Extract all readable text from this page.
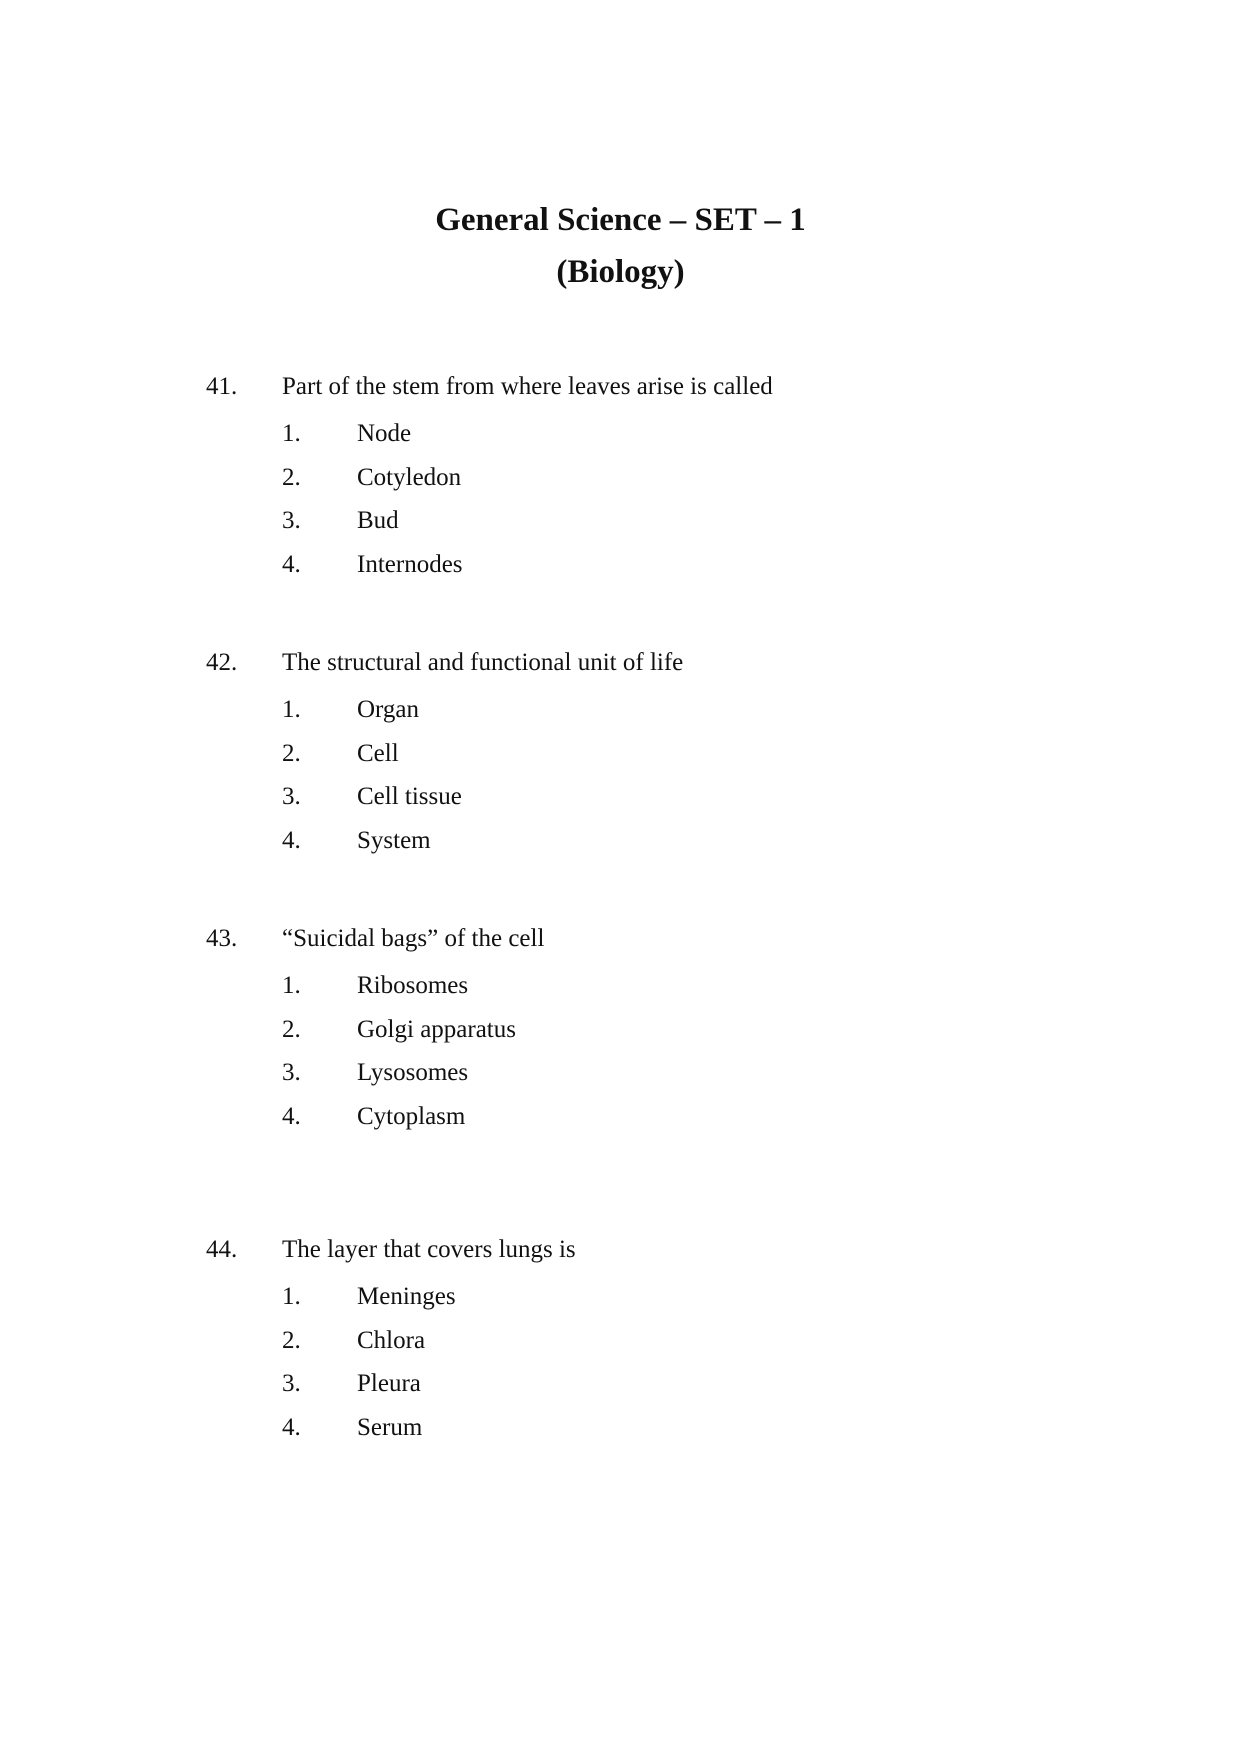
General Science – SET – 1
(Biology)
41. Part of the stem from where leaves arise is called
1. Node
2. Cotyledon
3. Bud
4. Internodes
42. The structural and functional unit of life
1. Organ
2. Cell
3. Cell tissue
4. System
43. “Suicidal bags” of the cell
1. Ribosomes
2. Golgi apparatus
3. Lysosomes
4. Cytoplasm
44. The layer that covers lungs is
1. Meninges
2. Chlora
3. Pleura
4. Serum
